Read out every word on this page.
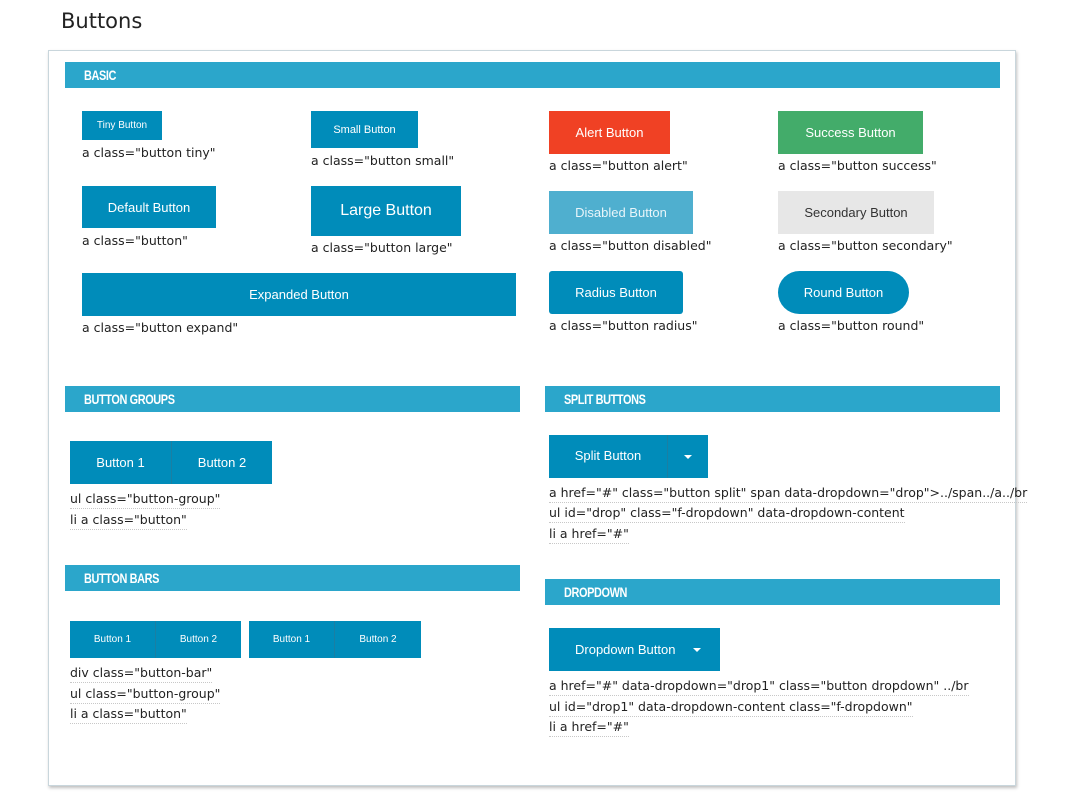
Buttons
BASIC
BUTTON GROUPS	SPLIT BUTTONS
BUTTON BARS
DROPDOWN
Tiny Button
a class="button tiny"
Default Button
a class="button"
Expanded Button
a class="button expand"
Small Button
a class="button small"
Large Button
a class="button large"
Alert Button
a class="button alert"
Disabled Button
a class="button disabled"
Radius Button
a class="button radius"
Success Button
a class="button success"
Secondary Button
a class="button secondary"
Round Button
a class="button round"
Button 1	Button 2
ul class="button-group"
li a class="button"
Button 1	Button 2	Button 1	Button 2
div class="button-bar"
ul class="button-group"
li a class="button"
Split Button
a href="#" class="button split" span data-dropdown="drop">../span../a../br
ul id="drop" class="f-dropdown" data-dropdown-content
li a href="#"
Dropdown Button
a href="#" data-dropdown="drop1" class="button dropdown" ../br
ul id="drop1" data-dropdown-content class="f-dropdown"
li a href="#"
